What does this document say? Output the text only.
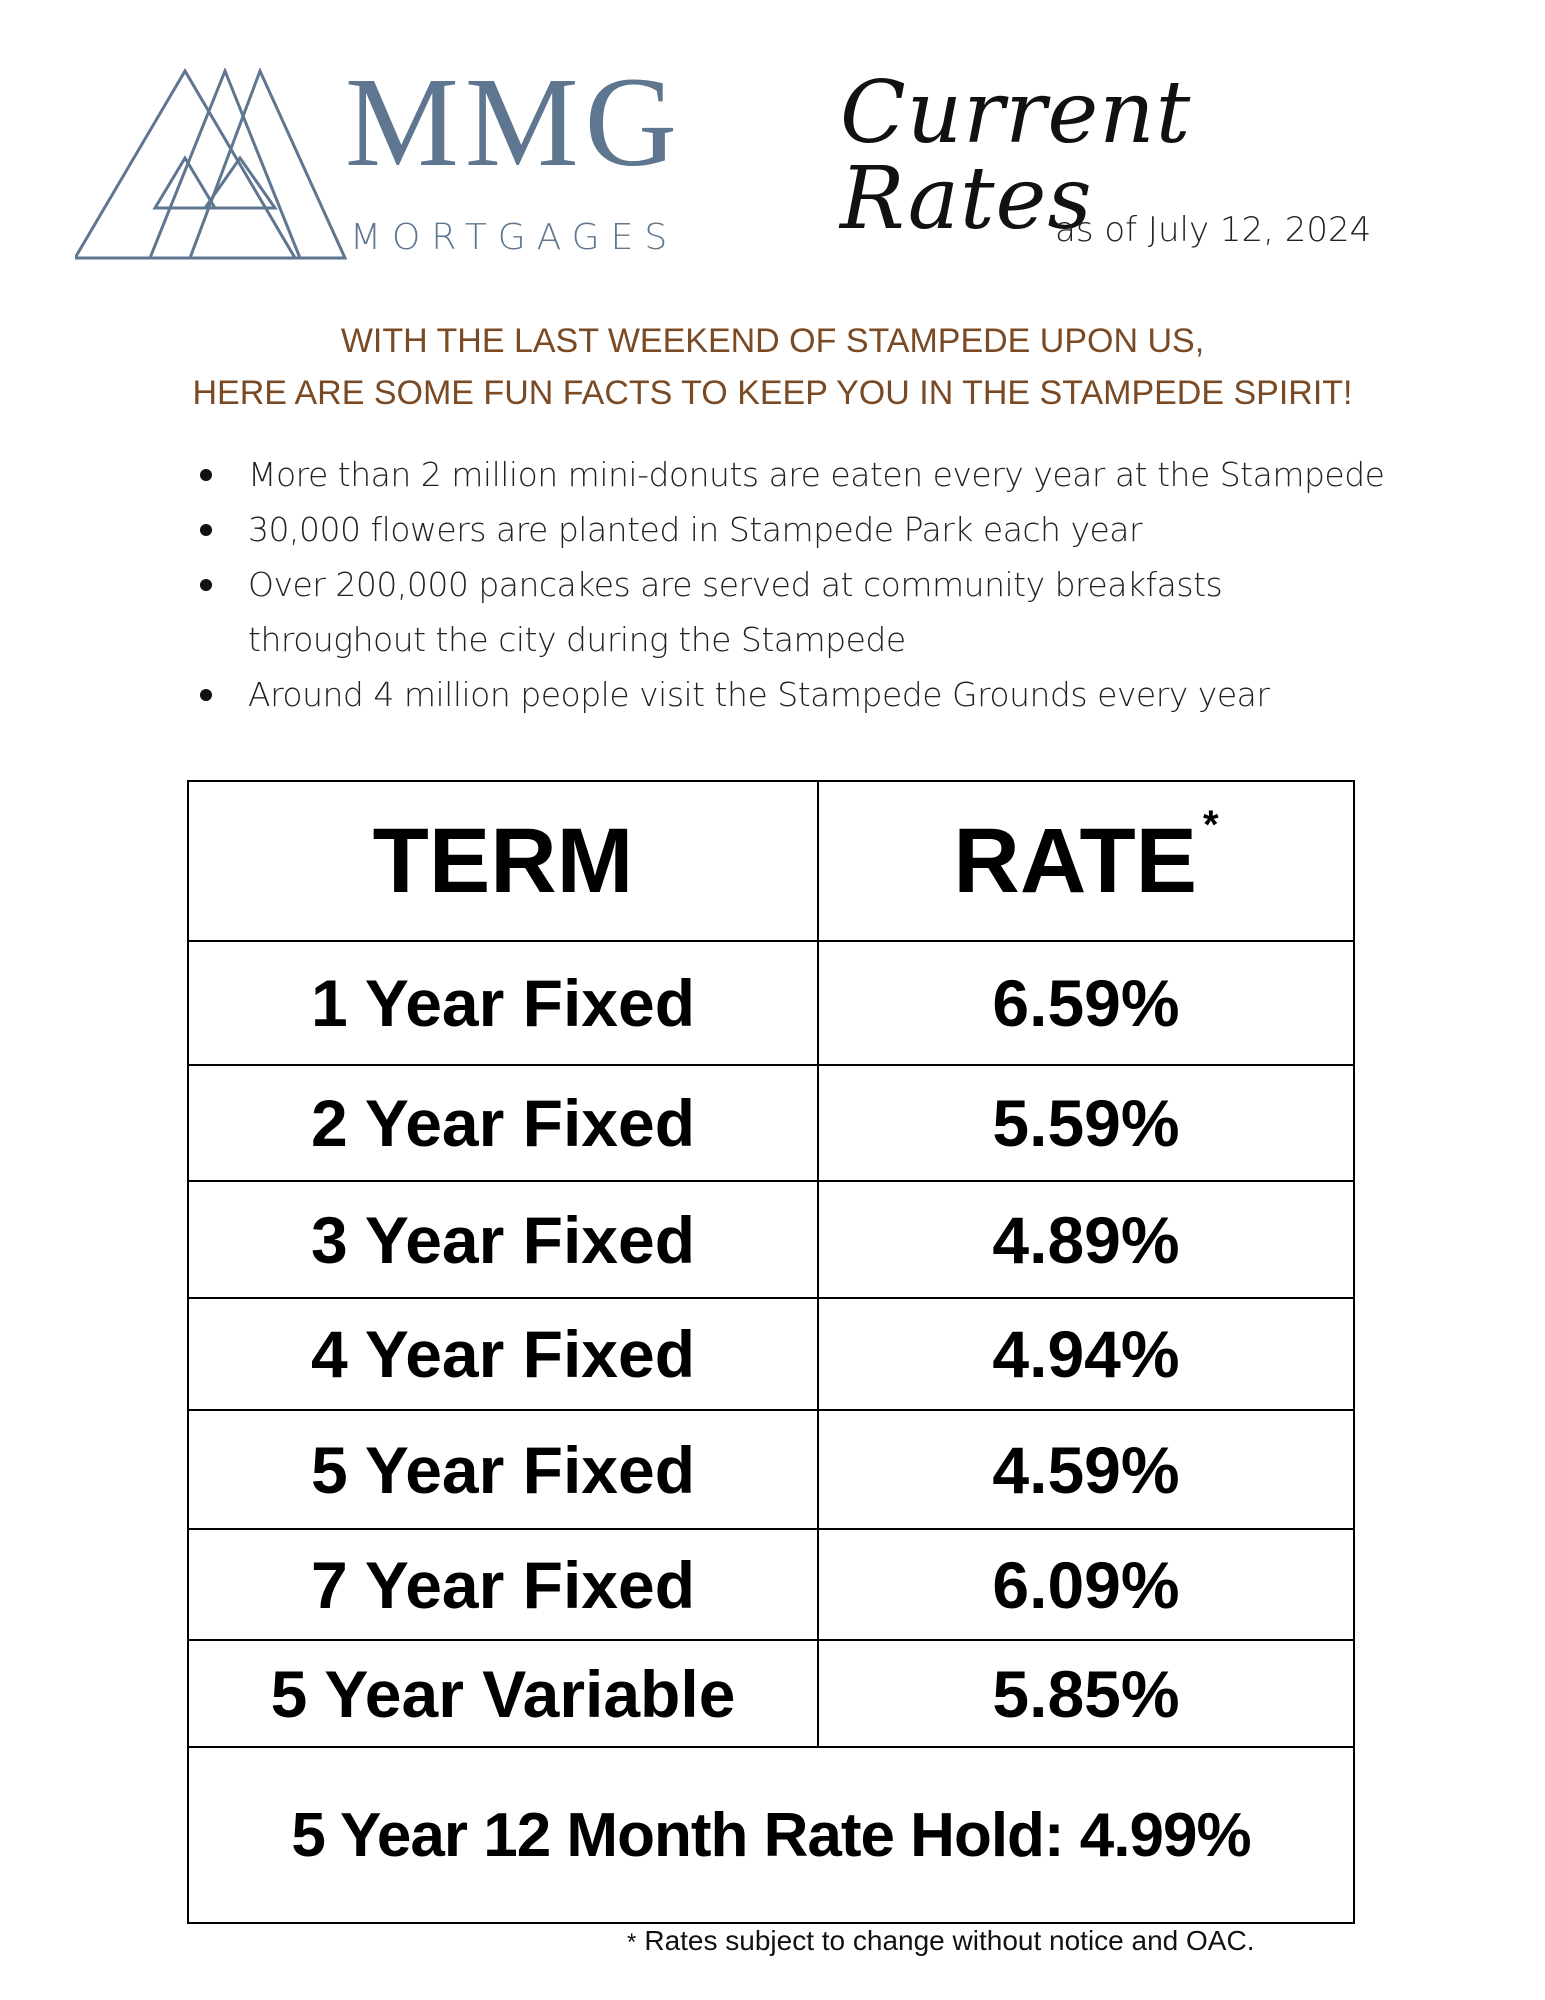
MMG
MORTGAGES
Current Rates
as of July 12, 2024
WITH THE LAST WEEKEND OF STAMPEDE UPON US,
HERE ARE SOME FUN FACTS TO KEEP YOU IN THE STAMPEDE SPIRIT!
More than 2 million mini-donuts are eaten every year at the Stampede
30,000 flowers are planted in Stampede Park each year
Over 200,000 pancakes are served at community breakfasts throughout the city during the Stampede
Around 4 million people visit the Stampede Grounds every year
TERM	RATE*
1 Year Fixed	6.59%
2 Year Fixed	5.59%
3 Year Fixed	4.89%
4 Year Fixed	4.94%
5 Year Fixed	4.59%
7 Year Fixed	6.09%
5 Year Variable	5.85%
5 Year 12 Month Rate Hold: 4.99%
* Rates subject to change without notice and OAC.
